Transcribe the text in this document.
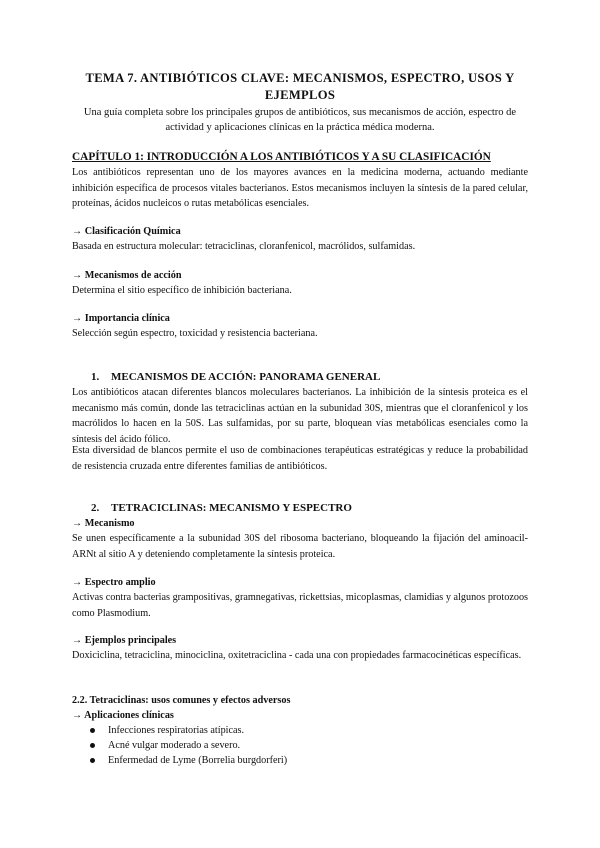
TEMA 7. ANTIBIÓTICOS CLAVE: MECANISMOS, ESPECTRO, USOS Y EJEMPLOS
Una guía completa sobre los principales grupos de antibióticos, sus mecanismos de acción, espectro de actividad y aplicaciones clínicas en la práctica médica moderna.
CAPÍTULO 1: INTRODUCCIÓN A LOS ANTIBIÓTICOS Y A SU CLASIFICACIÓN
Los antibióticos representan uno de los mayores avances en la medicina moderna, actuando mediante inhibición específica de procesos vitales bacterianos. Estos mecanismos incluyen la síntesis de la pared celular, proteínas, ácidos nucleicos o rutas metabólicas esenciales.
→ Clasificación Química
Basada en estructura molecular: tetraciclinas, cloranfenicol, macrólidos, sulfamidas.
→ Mecanismos de acción
Determina el sitio específico de inhibición bacteriana.
→ Importancia clínica
Selección según espectro, toxicidad y resistencia bacteriana.
1. MECANISMOS DE ACCIÓN: PANORAMA GENERAL
Los antibióticos atacan diferentes blancos moleculares bacterianos. La inhibición de la síntesis proteica es el mecanismo más común, donde las tetraciclinas actúan en la subunidad 30S, mientras que el cloranfenicol y los macrólidos lo hacen en la 50S. Las sulfamidas, por su parte, bloquean vías metabólicas esenciales como la síntesis del ácido fólico.
Esta diversidad de blancos permite el uso de combinaciones terapéuticas estratégicas y reduce la probabilidad de resistencia cruzada entre diferentes familias de antibióticos.
2. TETRACICLINAS: MECANISMO Y ESPECTRO
→ Mecanismo
Se unen específicamente a la subunidad 30S del ribosoma bacteriano, bloqueando la fijación del aminoacil-ARNt al sitio A y deteniendo completamente la síntesis proteica.
→ Espectro amplio
Activas contra bacterias grampositivas, gramnegativas, rickettsias, micoplasmas, clamidias y algunos protozoos como Plasmodium.
→ Ejemplos principales
Doxiciclina, tetraciclina, minociclina, oxitetraciclina - cada una con propiedades farmacocinéticas específicas.
2.2. Tetraciclinas: usos comunes y efectos adversos
→ Aplicaciones clínicas
Infecciones respiratorias atípicas.
Acné vulgar moderado a severo.
Enfermedad de Lyme (Borrelia burgdorferi)
